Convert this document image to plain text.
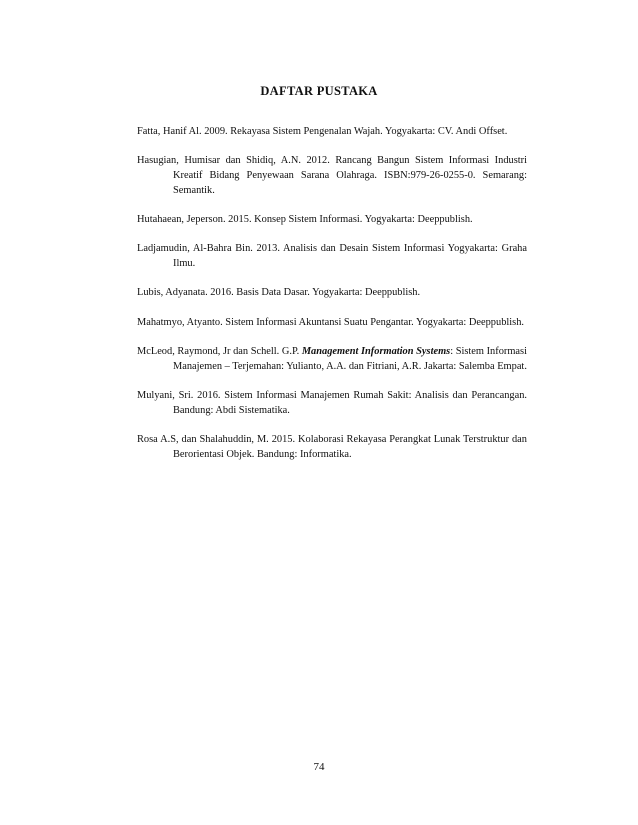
DAFTAR PUSTAKA
Fatta, Hanif Al. 2009. Rekayasa Sistem Pengenalan Wajah. Yogyakarta: CV. Andi Offset.
Hasugian, Humisar dan Shidiq, A.N. 2012. Rancang Bangun Sistem Informasi Industri Kreatif Bidang Penyewaan Sarana Olahraga. ISBN:979-26-0255-0. Semarang: Semantik.
Hutahaean, Jeperson. 2015. Konsep Sistem Informasi. Yogyakarta: Deeppublish.
Ladjamudin, Al-Bahra Bin. 2013. Analisis dan Desain Sistem Informasi Yogyakarta: Graha Ilmu.
Lubis, Adyanata. 2016. Basis Data Dasar. Yogyakarta: Deeppublish.
Mahatmyo, Atyanto. Sistem Informasi Akuntansi Suatu Pengantar. Yogyakarta: Deeppublish.
McLeod, Raymond, Jr dan Schell. G.P. Management Information Systems: Sistem Informasi Manajemen – Terjemahan: Yulianto, A.A. dan Fitriani, A.R. Jakarta: Salemba Empat.
Mulyani, Sri. 2016. Sistem Informasi Manajemen Rumah Sakit: Analisis dan Perancangan. Bandung: Abdi Sistematika.
Rosa A.S, dan Shalahuddin, M. 2015. Kolaborasi Rekayasa Perangkat Lunak Terstruktur dan Berorientasi Objek. Bandung: Informatika.
74
